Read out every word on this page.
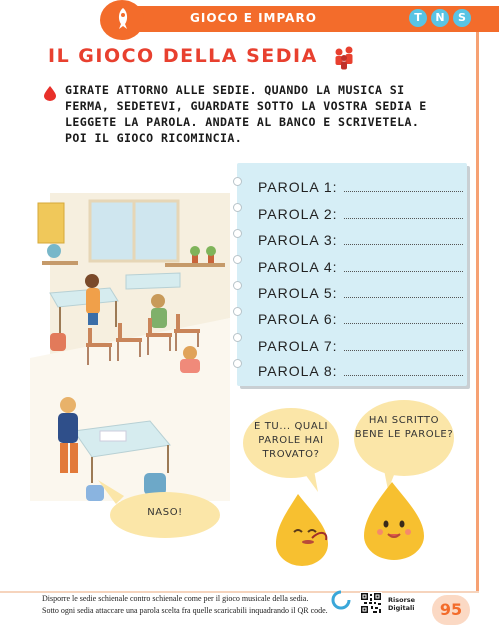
GIOCO E IMPARO	T	N	S
IL GIOCO DELLA SEDIA
GIRATE ATTORNO ALLE SEDIE. QUANDO LA MUSICA SI FERMA, SEDETEVI, GUARDATE SOTTO LA VOSTRA SEDIA E LEGGETE LA PAROLA. ANDATE AL BANCO E SCRIVETELA. POI IL GIOCO RICOMINCIA.
PAROLA 1:
PAROLA 2:
PAROLA 3:
PAROLA 4:
PAROLA 5:
PAROLA 6:
PAROLA 7:
PAROLA 8:
E TU... QUALI PAROLE HAI TROVATO?
HAI SCRITTO BENE LE PAROLE?
NASO!
Disporre le sedie schienale contro schienale come per il gioco musicale della sedia.
Sotto ogni sedia attaccare una parola scelta fra quelle scaricabili inquadrando il QR code.
Risorse
Digitali	95
